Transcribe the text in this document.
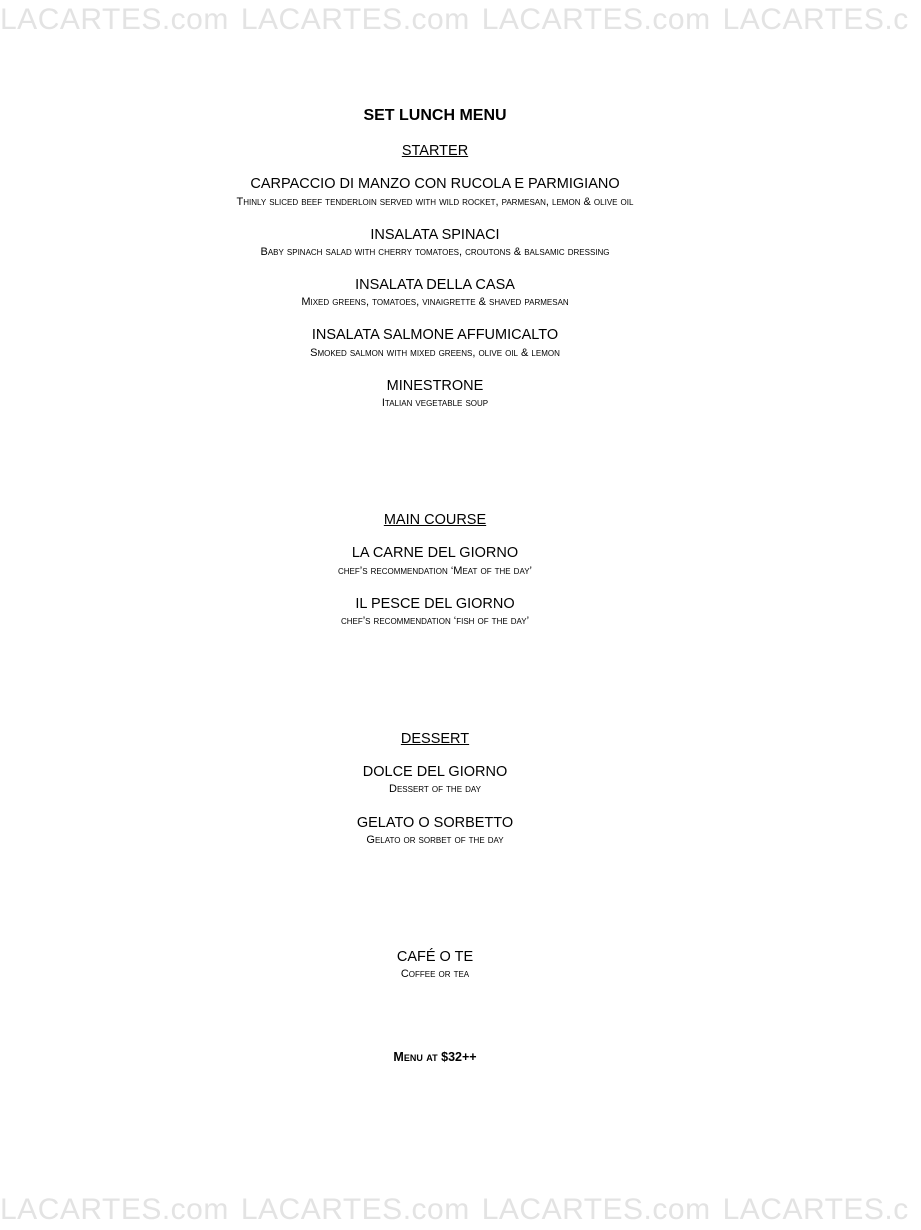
LACARTES.com LACARTES.com LACARTES.com LACARTES.c
SET LUNCH MENU
STARTER
CARPACCIO DI MANZO CON RUCOLA E PARMIGIANO
Thinly sliced beef tenderloin served with wild rocket, parmesan, lemon & olive oil
INSALATA SPINACI
Baby spinach salad with cherry tomatoes, croutons & balsamic dressing
INSALATA DELLA CASA
Mixed greens, tomatoes, vinaigrette & shaved parmesan
INSALATA SALMONE AFFUMICALTO
Smoked salmon with mixed greens, olive oil & lemon
MINESTRONE
Italian vegetable soup
MAIN COURSE
LA CARNE DEL GIORNO
chef’s recommendation ‘Meat of the day’
IL PESCE DEL GIORNO
chef’s recommendation ‘fish of the day’
DESSERT
DOLCE DEL GIORNO
Dessert of the day
GELATO O SORBETTO
Gelato or sorbet of the day
CAFÉ O TE
Coffee or tea
Menu at $32++
LACARTES.com LACARTES.com LACARTES.com LACARTES.c
